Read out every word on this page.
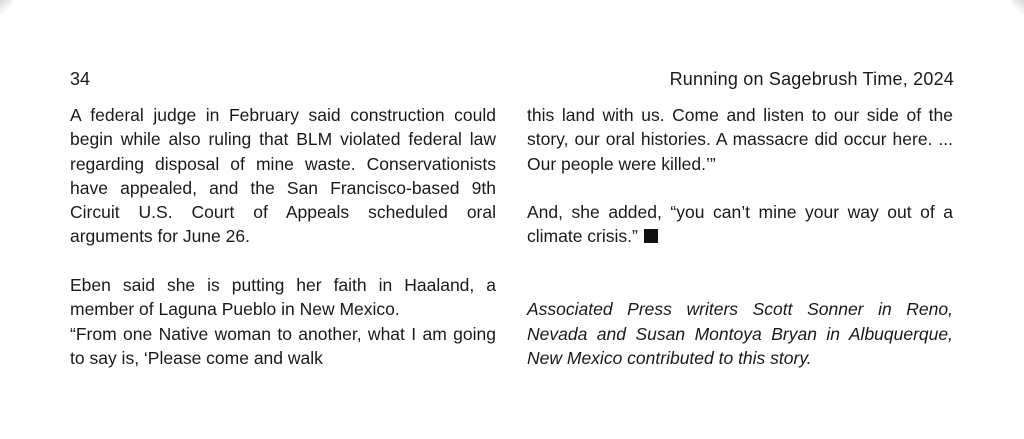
34	Running on Sagebrush Time, 2024

A federal judge in February said construction could begin while also ruling that BLM violated federal law regarding disposal of mine waste. Conservationists have appealed, and the San Francisco-based 9th Circuit U.S. Court of Appeals scheduled oral arguments for June 26.

Eben said she is putting her faith in Haaland, a member of Laguna Pueblo in New Mexico.

“From one Native woman to another, what I am going to say is, ‘Please come and walk

this land with us. Come and listen to our side of the story, our oral histories. A massacre did occur here. ... Our people were killed.’”

And, she added, “you can’t mine your way out of a climate crisis.”

Associated Press writers Scott Sonner in Reno, Nevada and Susan Montoya Bryan in Albuquerque, New Mexico contributed to this story.
